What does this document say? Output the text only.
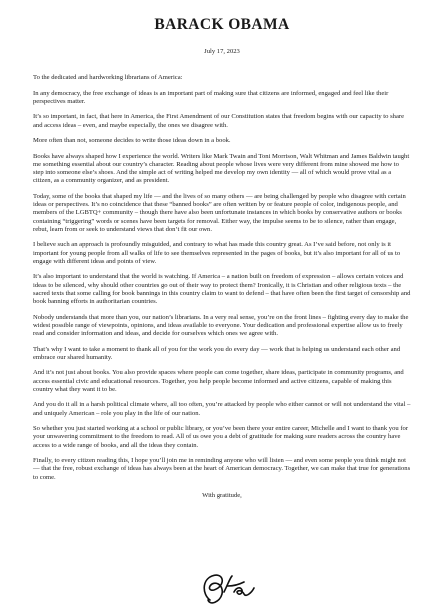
BARACK OBAMA
July 17, 2023
To the dedicated and hardworking librarians of America:

In any democracy, the free exchange of ideas is an important part of making sure that citizens are informed, engaged and feel like their perspectives matter.

It’s so important, in fact, that here in America, the First Amendment of our Constitution states that freedom begins with our capacity to share and access ideas – even, and maybe especially, the ones we disagree with.

More often than not, someone decides to write those ideas down in a book.

Books have always shaped how I experience the world. Writers like Mark Twain and Toni Morrison, Walt Whitman and James Baldwin taught me something essential about our country’s character. Reading about people whose lives were very different from mine showed me how to step into someone else’s shoes. And the simple act of writing helped me develop my own identity — all of which would prove vital as a citizen, as a community organizer, and as president.

Today, some of the books that shaped my life — and the lives of so many others — are being challenged by people who disagree with certain ideas or perspectives. It’s no coincidence that these “banned books” are often written by or feature people of color, indigenous people, and members of the LGBTQ+ community – though there have also been unfortunate instances in which books by conservative authors or books containing “triggering” words or scenes have been targets for removal. Either way, the impulse seems to be to silence, rather than engage, rebut, learn from or seek to understand views that don’t fit our own.

I believe such an approach is profoundly misguided, and contrary to what has made this country great. As I’ve said before, not only is it important for young people from all walks of life to see themselves represented in the pages of books, but it’s also important for all of us to engage with different ideas and points of view.

It’s also important to understand that the world is watching. If America – a nation built on freedom of expression – allows certain voices and ideas to be silenced, why should other countries go out of their way to protect them? Ironically, it is Christian and other religious texts – the sacred texts that some calling for book bannings in this country claim to want to defend – that have often been the first target of censorship and book banning efforts in authoritarian countries.

Nobody understands that more than you, our nation’s librarians. In a very real sense, you’re on the front lines – fighting every day to make the widest possible range of viewpoints, opinions, and ideas available to everyone. Your dedication and professional expertise allow us to freely read and consider information and ideas, and decide for ourselves which ones we agree with.

That’s why I want to take a moment to thank all of you for the work you do every day — work that is helping us understand each other and embrace our shared humanity.

And it’s not just about books. You also provide spaces where people can come together, share ideas, participate in community programs, and access essential civic and educational resources. Together, you help people become informed and active citizens, capable of making this country what they want it to be.

And you do it all in a harsh political climate where, all too often, you’re attacked by people who either cannot or will not understand the vital – and uniquely American – role you play in the life of our nation.

So whether you just started working at a school or public library, or you’ve been there your entire career, Michelle and I want to thank you for your unwavering commitment to the freedom to read. All of us owe you a debt of gratitude for making sure readers across the country have access to a wide range of books, and all the ideas they contain.

Finally, to every citizen reading this, I hope you’ll join me in reminding anyone who will listen — and even some people you think might not — that the free, robust exchange of ideas has always been at the heart of American democracy. Together, we can make that true for generations to come.

With gratitude,
